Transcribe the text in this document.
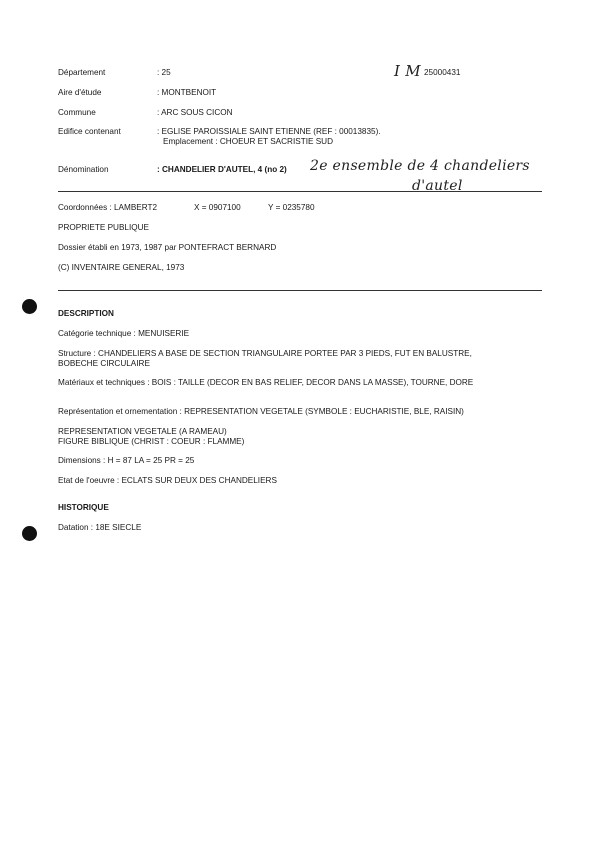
I M 25000431
Département	: 25
Aire d'étude	: MONTBENOIT
Commune	: ARC SOUS CICON
Edifice contenant	: EGLISE PAROISSIALE SAINT ETIENNE (REF : 00013835).
Emplacement : CHOEUR ET SACRISTIE SUD
Dénomination	: CHANDELIER D'AUTEL, 4 (no 2) 2e ensemble de 4 chandeliers
d'autel
Coordonnées : LAMBERT2	X = 0907100	Y = 0235780
PROPRIETE PUBLIQUE
Dossier établi en 1973, 1987 par PONTEFRACT BERNARD
(C) INVENTAIRE GENERAL, 1973
DESCRIPTION
Catégorie technique : MENUISERIE
Structure : CHANDELIERS A BASE DE SECTION TRIANGULAIRE PORTEE PAR 3 PIEDS, FUT EN BALUSTRE, BOBECHE CIRCULAIRE
Matériaux et techniques : BOIS : TAILLE (DECOR EN BAS RELIEF, DECOR DANS LA MASSE), TOURNE, DORE
Représentation et ornementation : REPRESENTATION VEGETALE (SYMBOLE : EUCHARISTIE, BLE, RAISIN)
REPRESENTATION VEGETALE (A RAMEAU)
FIGURE BIBLIQUE (CHRIST : COEUR : FLAMME)
Dimensions : H = 87 LA = 25 PR = 25
Etat de l'oeuvre : ECLATS SUR DEUX DES CHANDELIERS
HISTORIQUE
Datation : 18E SIECLE
